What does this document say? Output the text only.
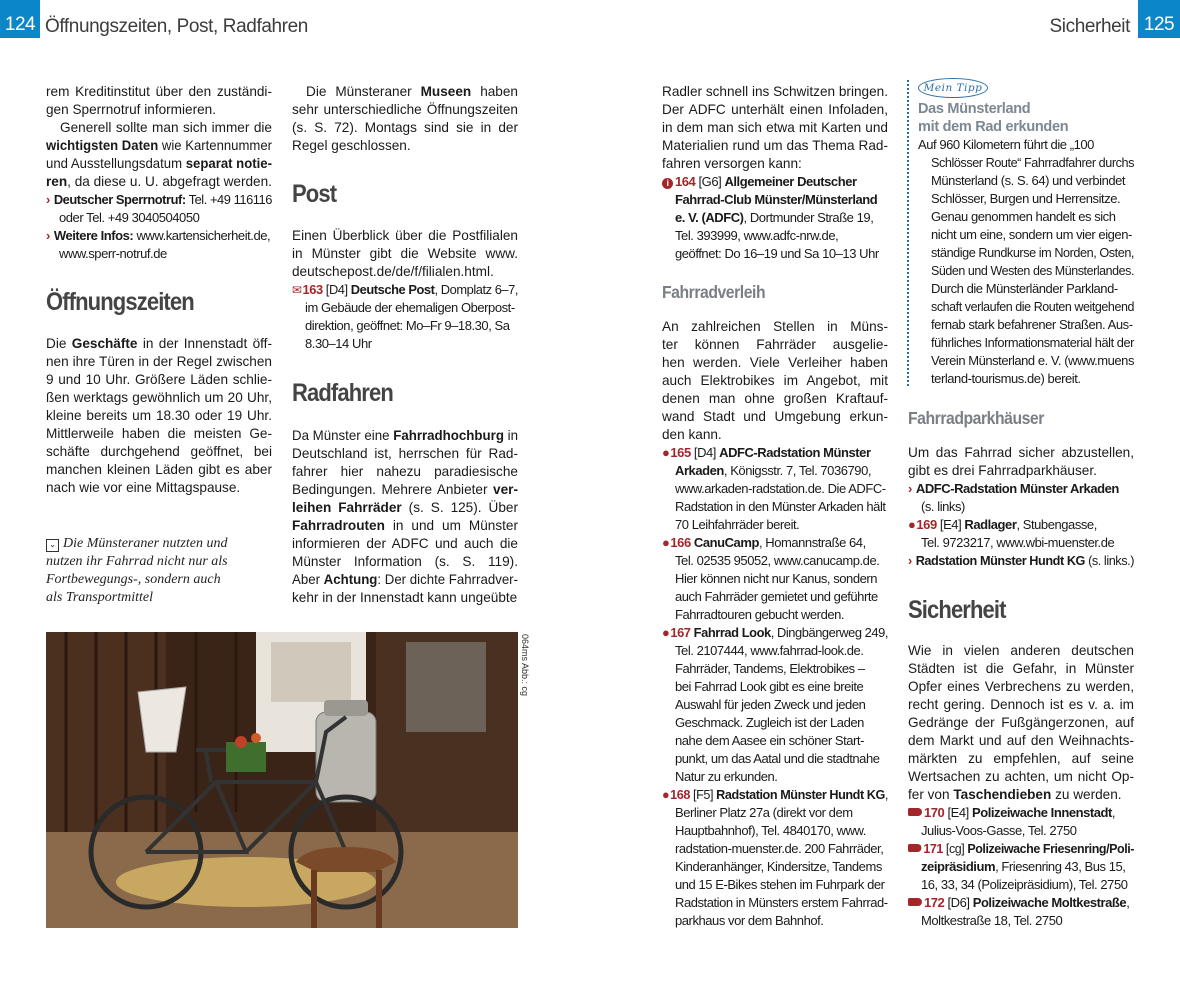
124 Öffnungszeiten, Post, Radfahren	Sicherheit 125
rem Kreditinstitut über den zuständi-
gen Sperrnotruf informieren.
Generell sollte man sich immer die
wichtigsten Daten wie Kartennummer
und Ausstellungsdatum separat notie-
ren, da diese u. U. abgefragt werden.
› Deutscher Sperrnotruf: Tel. +49 116116
oder Tel. +49 3040504050
› Weitere Infos: www.kartensicherheit.de,
www.sperr-notruf.de
Öffnungszeiten
Die Geschäfte in der Innenstadt öff-
nen ihre Türen in der Regel zwischen
9 und 10 Uhr. Größere Läden schlie-
ßen werktags gewöhnlich um 20 Uhr,
kleine bereits um 18.30 oder 19 Uhr.
Mittlerweile haben die meisten Ge-
schäfte durchgehend geöffnet, bei
manchen kleinen Läden gibt es aber
nach wie vor eine Mittagspause.
⌄ Die Münsteraner nutzten und
nutzen ihr Fahrrad nicht nur als
Fortbewegungs-, sondern auch
als Transportmittel
Die Münsteraner Museen haben
sehr unterschiedliche Öffnungszeiten
(s. S. 72). Montags sind sie in der
Regel geschlossen.
Post
Einen Überblick über die Postfilialen
in Münster gibt die Website www.
deutschepost.de/de/f/filialen.html.
✉163 [D4] Deutsche Post, Domplatz 6–7,
im Gebäude der ehemaligen Oberpost-
direktion, geöffnet: Mo–Fr 9–18.30, Sa
8.30–14 Uhr
Radfahren
Da Münster eine Fahrradhochburg in
Deutschland ist, herrschen für Rad-
fahrer hier nahezu paradiesische
Bedingungen. Mehrere Anbieter ver-
leihen Fahrräder (s. S. 125). Über
Fahrradrouten in und um Münster
informieren der ADFC und auch die
Münster Information (s. S. 119).
Aber Achtung: Der dichte Fahrradver-
kehr in der Innenstadt kann ungeübte
064ms Abb.: cg
Radler schnell ins Schwitzen bringen.
Der ADFC unterhält einen Infoladen,
in dem man sich etwa mit Karten und
Materialien rund um das Thema Rad-
fahren versorgen kann:
i 164 [G6] Allgemeiner Deutscher
Fahrrad-Club Münster/Münsterland
e. V. (ADFC), Dortmunder Straße 19,
Tel. 393999, www.adfc-nrw.de,
geöffnet: Do 16–19 und Sa 10–13 Uhr
Fahrradverleih
An zahlreichen Stellen in Müns-
ter können Fahrräder ausgelie-
hen werden. Viele Verleiher haben
auch Elektrobikes im Angebot, mit
denen man ohne großen Kraftauf-
wand Stadt und Umgebung erkun-
den kann.
●165 [D4] ADFC-Radstation Münster
Arkaden, Königsstr. 7, Tel. 7036790,
www.arkaden-radstation.de. Die ADFC-
Radstation in den Münster Arkaden hält
70 Leihfahrräder bereit.
●166 CanuCamp, Homannstraße 64,
Tel. 02535 95052, www.canucamp.de.
Hier können nicht nur Kanus, sondern
auch Fahrräder gemietet und geführte
Fahrradtouren gebucht werden.
●167 Fahrrad Look, Dingbängerweg 249,
Tel. 2107444, www.fahrrad-look.de.
Fahrräder, Tandems, Elektrobikes –
bei Fahrrad Look gibt es eine breite
Auswahl für jeden Zweck und jeden
Geschmack. Zugleich ist der Laden
nahe dem Aasee ein schöner Start-
punkt, um das Aatal und die stadtnahe
Natur zu erkunden.
●168 [F5] Radstation Münster Hundt KG,
Berliner Platz 27a (direkt vor dem
Hauptbahnhof), Tel. 4840170, www.
radstation-muenster.de. 200 Fahrräder,
Kinderanhänger, Kindersitze, Tandems
und 15 E-Bikes stehen im Fuhrpark der
Radstation in Münsters erstem Fahrrad-
parkhaus vor dem Bahnhof.
Mein Tipp
Das Münsterland
mit dem Rad erkunden
Auf 960 Kilometern führt die „100
Schlösser Route“ Fahrradfahrer durchs
Münsterland (s. S. 64) und verbindet
Schlösser, Burgen und Herrensitze.
Genau genommen handelt es sich
nicht um eine, sondern um vier eigen-
ständige Rundkurse im Norden, Osten,
Süden und Westen des Münsterlandes.
Durch die Münsterländer Parkland-
schaft verlaufen die Routen weitgehend
fernab stark befahrener Straßen. Aus-
führliches Informationsmaterial hält der
Verein Münsterland e. V. (www.muens
terland-tourismus.de) bereit.
Fahrradparkhäuser
Um das Fahrrad sicher abzustellen,
gibt es drei Fahrradparkhäuser.
› ADFC-Radstation Münster Arkaden
(s. links)
●169 [E4] Radlager, Stubengasse,
Tel. 9723217, www.wbi-muenster.de
› Radstation Münster Hundt KG (s. links.)
Sicherheit
Wie in vielen anderen deutschen
Städten ist die Gefahr, in Münster
Opfer eines Verbrechens zu werden,
recht gering. Dennoch ist es v. a. im
Gedränge der Fußgängerzonen, auf
dem Markt und auf den Weihnachts-
märkten zu empfehlen, auf seine
Wertsachen zu achten, um nicht Op-
fer von Taschendieben zu werden.
170 [E4] Polizeiwache Innenstadt,
Julius-Voos-Gasse, Tel. 2750
171 [cg] Polizeiwache Friesenring/Poli-
zeipräsidium, Friesenring 43, Bus 15,
16, 33, 34 (Polizeipräsidium), Tel. 2750
172 [D6] Polizeiwache Moltkestraße,
Moltkestraße 18, Tel. 2750
